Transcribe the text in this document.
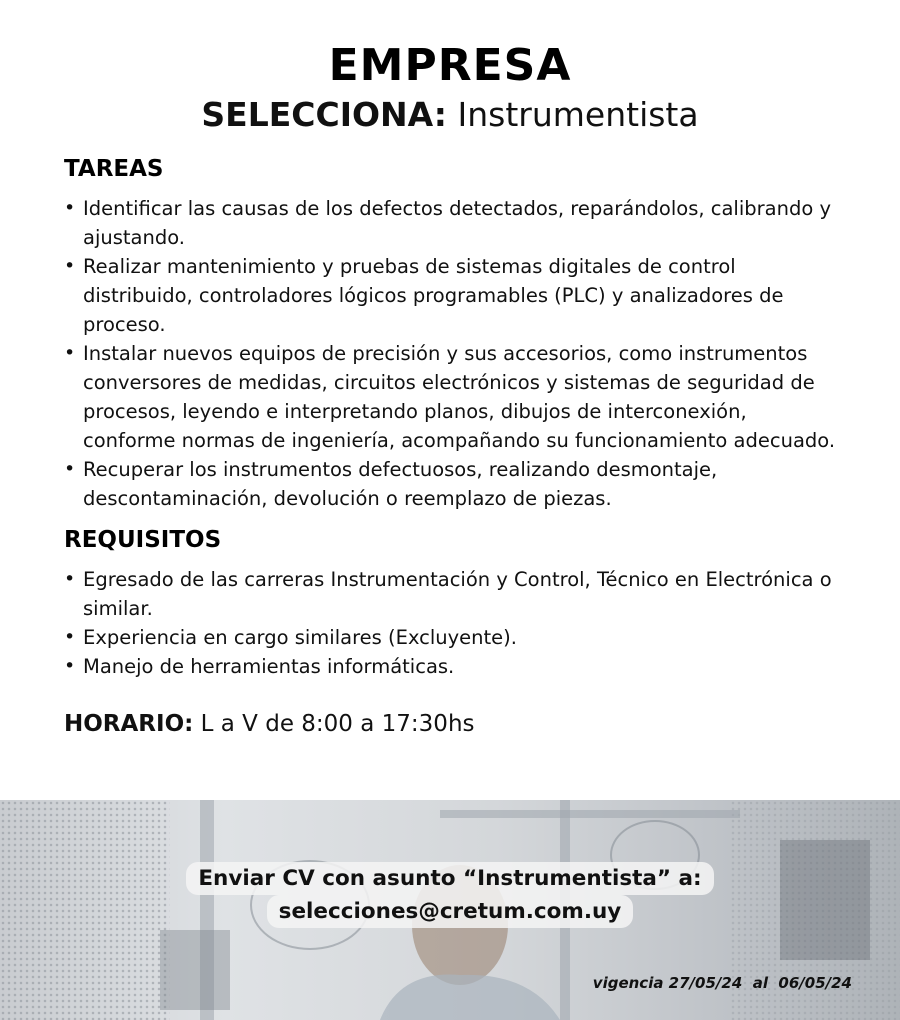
EMPRESA
SELECCIONA: Instrumentista
TAREAS
• Identificar las causas de los defectos detectados, reparándolos, calibrando y ajustando.
• Realizar mantenimiento y pruebas de sistemas digitales de control distribuido, controladores lógicos programables (PLC) y analizadores de proceso.
• Instalar nuevos equipos de precisión y sus accesorios, como instrumentos conversores de medidas, circuitos electrónicos y sistemas de seguridad de procesos, leyendo e interpretando planos, dibujos de interconexión, conforme normas de ingeniería, acompañando su funcionamiento adecuado.
• Recuperar los instrumentos defectuosos, realizando desmontaje, descontaminación, devolución o reemplazo de piezas.
REQUISITOS
• Egresado de las carreras Instrumentación y Control, Técnico en Electrónica o similar.
• Experiencia en cargo similares (Excluyente).
• Manejo de herramientas informáticas.
HORARIO: L a V de 8:00 a 17:30hs
Enviar CV con asunto “Instrumentista” a:
selecciones@cretum.com.uy
vigencia 27/05/24  al  06/05/24
